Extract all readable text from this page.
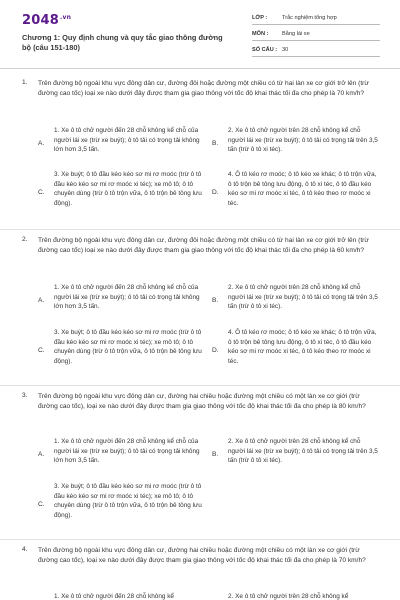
$2048^{.vn}$
Chương 1: Quy định chung và quy tắc giao thông đường bộ (câu 151-180)
LỚP :	Trắc nghiệm tổng hợp
MÔN : Bằng lái xe
SỐ CÂU : 30
1. Trên đường bộ ngoài khu vực đông dân cư, đường đôi hoặc đường một chiều có từ hai làn xe cơ giới trở lên (trừ đường cao tốc) loại xe nào dưới đây được tham gia giao thông với tốc độ khai thác tối đa cho phép là 70 km/h?
A.
1. Xe ô tô chở người đến 28 chỗ không kể chỗ của người lái xe (trừ xe buýt); ô tô tải có trọng tải không lớn hơn 3,5 tấn.
B.
2. Xe ô tô chở người trên 28 chỗ không kể chỗ người lái xe (trừ xe buýt); ô tô tải có trọng tải trên 3,5 tấn (trừ ô tô xi téc).
C.
3. Xe buýt; ô tô đầu kéo kéo sơ mi rơ moóc (trừ ô tô đầu kéo kéo sơ mi rơ moóc xi téc); xe mô tô; ô tô chuyên dùng (trừ ô tô trộn vữa, ô tô trộn bê tông lưu động).
D.
4. Ô tô kéo rơ moóc; ô tô kéo xe khác; ô tô trộn vữa, ô tô trộn bê tông lưu động, ô tô xi téc, ô tô đầu kéo kéo sơ mi rơ moóc xi téc, ô tô kéo theo rơ moóc xi téc.
2. Trên đường bộ ngoài khu vực đông dân cư, đường đôi hoặc đường một chiều có từ hai làn xe cơ giới trở lên (trừ đường cao tốc) loại xe nào dưới đây được tham gia giao thông với tốc độ khai thác tối đa cho phép là 60 km/h?
A.
1. Xe ô tô chở người đến 28 chỗ không kể chỗ của người lái xe (trừ xe buýt); ô tô tải có trọng tải không lớn hơn 3,5 tấn.
B.
2. Xe ô tô chở người trên 28 chỗ không kể chỗ người lái xe (trừ xe buýt); ô tô tải có trọng tải trên 3,5 tấn (trừ ô tô xi téc).
C.
3. Xe buýt; ô tô đầu kéo kéo sơ mi rơ moóc (trừ ô tô đầu kéo kéo sơ mi rơ moóc xi téc); xe mô tô; ô tô chuyên dùng (trừ ô tô trộn vữa, ô tô trộn bê tông lưu động).
D.
4. Ô tô kéo rơ moóc; ô tô kéo xe khác; ô tô trộn vữa, ô tô trộn bê tông lưu động, ô tô xi téc, ô tô đầu kéo kéo sơ mi rơ moóc xi téc, ô tô kéo theo rơ moóc xi téc.
3. Trên đường bộ ngoài khu vực đông dân cư, đường hai chiều hoặc đường một chiều có một làn xe cơ giới (trừ đường cao tốc), loại xe nào dưới đây được tham gia giao thông với tốc độ khai thác tối đa cho phép là 80 km/h?
A.
1. Xe ô tô chở người đến 28 chỗ không kể chỗ của người lái xe (trừ xe buýt); ô tô tải có trọng tải không lớn hơn 3,5 tấn.
B.
2. Xe ô tô chở người trên 28 chỗ không kể chỗ người lái xe (trừ xe buýt); ô tô tải có trọng tải trên 3,5 tấn (trừ ô tô xi téc).
C.
3. Xe buýt; ô tô đầu kéo kéo sơ mi rơ moóc (trừ ô tô đầu kéo kéo sơ mi rơ moóc xi téc); xe mô tô; ô tô chuyên dùng (trừ ô tô trộn vữa, ô tô trộn bê tông lưu động).
4. Trên đường bộ ngoài khu vực đông dân cư, đường hai chiều hoặc đường một chiều có một làn xe cơ giới (trừ đường cao tốc), loại xe nào dưới đây được tham gia giao thông với tốc độ khai thác tối đa cho phép là 70 km/h?
1. Xe ô tô chở người đến 28 chỗ không kể	2. Xe ô tô chở người trên 28 chỗ không kể
